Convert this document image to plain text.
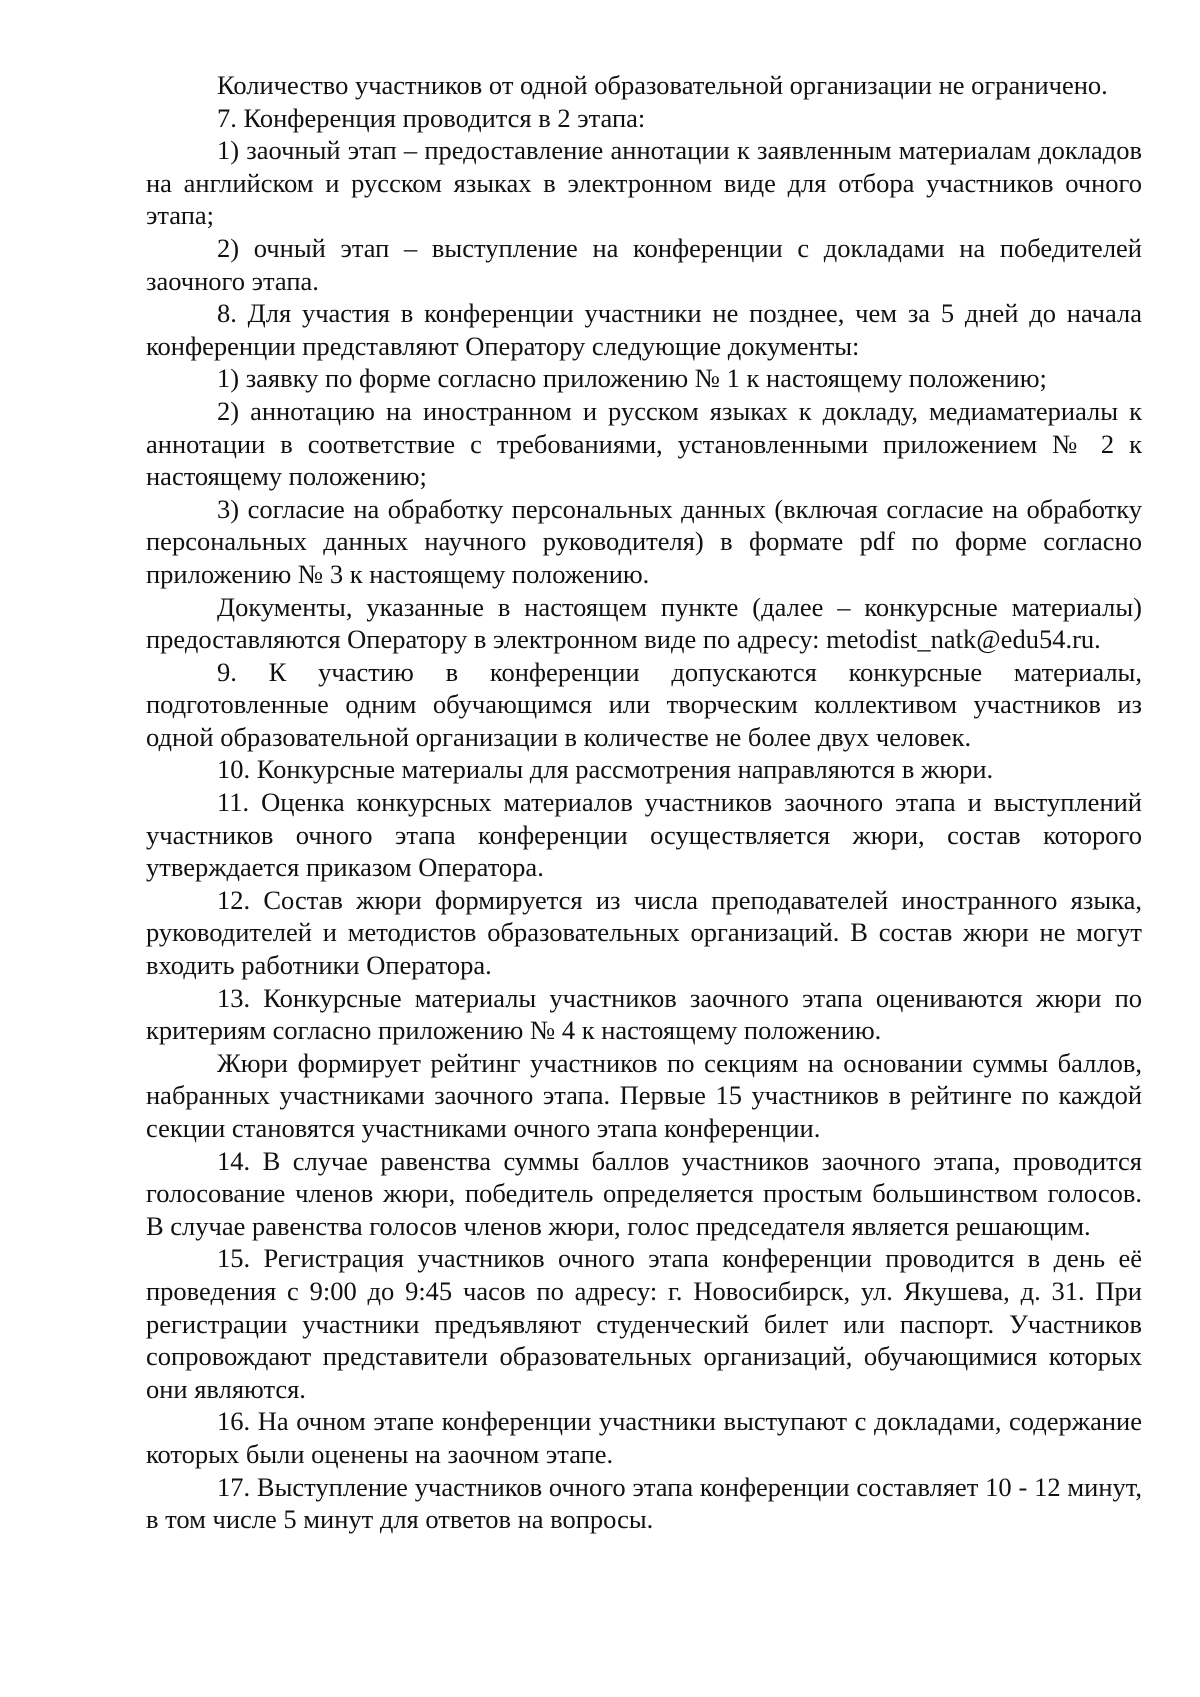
Количество участников от одной образовательной организации не ограничено.

7. Конференция проводится в 2 этапа:

1) заочный этап – предоставление аннотации к заявленным материалам докладов на английском и русском языках в электронном виде для отбора участников очного этапа;

2) очный этап – выступление на конференции с докладами на победителей заочного этапа.

8. Для участия в конференции участники не позднее, чем за 5 дней до начала конференции представляют Оператору следующие документы:

1) заявку по форме согласно приложению № 1 к настоящему положению;

2) аннотацию на иностранном и русском языках к докладу, медиаматериалы к аннотации в соответствие с требованиями, установленными приложением № 2 к настоящему положению;

3) согласие на обработку персональных данных (включая согласие на обработку персональных данных научного руководителя) в формате pdf по форме согласно приложению № 3 к настоящему положению.

Документы, указанные в настоящем пункте (далее – конкурсные материалы) предоставляются Оператору в электронном виде по адресу: metodist_natk@edu54.ru.

9. К участию в конференции допускаются конкурсные материалы, подготовленные одним обучающимся или творческим коллективом участников из одной образовательной организации в количестве не более двух человек.

10. Конкурсные материалы для рассмотрения направляются в жюри.

11. Оценка конкурсных материалов участников заочного этапа и выступлений участников очного этапа конференции осуществляется жюри, состав которого утверждается приказом Оператора.

12. Состав жюри формируется из числа преподавателей иностранного языка, руководителей и методистов образовательных организаций. В состав жюри не могут входить работники Оператора.

13. Конкурсные материалы участников заочного этапа оцениваются жюри по критериям согласно приложению № 4 к настоящему положению.

Жюри формирует рейтинг участников по секциям на основании суммы баллов, набранных участниками заочного этапа. Первые 15 участников в рейтинге по каждой секции становятся участниками очного этапа конференции.

14. В случае равенства суммы баллов участников заочного этапа, проводится голосование членов жюри, победитель определяется простым большинством голосов. В случае равенства голосов членов жюри, голос председателя является решающим.

15. Регистрация участников очного этапа конференции проводится в день её проведения с 9:00 до 9:45 часов по адресу: г. Новосибирск, ул. Якушева, д. 31. При регистрации участники предъявляют студенческий билет или паспорт. Участников сопровождают представители образовательных организаций, обучающимися которых они являются.

16. На очном этапе конференции участники выступают с докладами, содержание которых были оценены на заочном этапе.

17. Выступление участников очного этапа конференции составляет 10 - 12 минут, в том числе 5 минут для ответов на вопросы.
